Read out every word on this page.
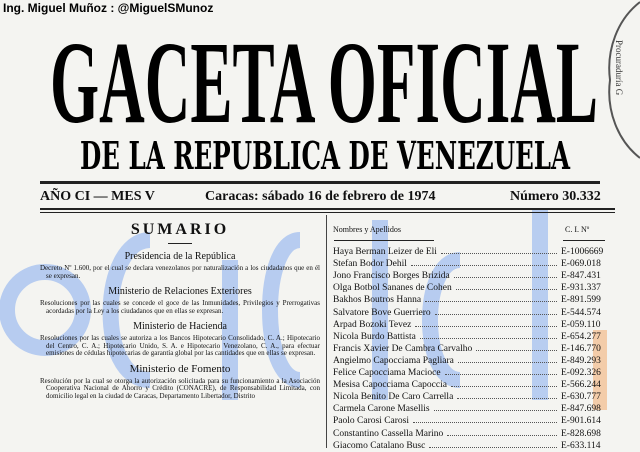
Ing. Miguel Muñoz : @MiguelSMunoz
Procuraduría G
GACETA OFICIAL
DE LA REPUBLICA DE VENEZUELA
AÑO CI — MES V	Caracas: sábado 16 de febrero de 1974	Número 30.332
SUMARIO
Presidencia de la República
Decreto Nº 1.600, por el cual se declara venezolanos por naturalización a los ciudadanos que en él se expresan.
Ministerio de Relaciones Exteriores
Resoluciones por las cuales se concede el goce de las Inmunidades, Privilegios y Prerrogativas acordadas por la Ley a los ciudadanos que en ellas se expresan.
Ministerio de Hacienda
Resoluciones por las cuales se autoriza a los Bancos Hipotecario Consolidado, C. A.; Hipotecario del Centro, C. A.; Hipotecario Unido, S. A. e Hipotecario Venezolano, C. A., para efectuar emisiones de cédulas hipotecarias de garantía global por las cantidades que en ellas se expresan.
Ministerio de Fomento
Resolución por la cual se otorga la autorización solicitada para su funcionamiento a la Asociación Cooperativa Nacional de Ahorro y Crédito (CONACRE), de Responsabilidad Limitada, con domicilio legal en la ciudad de Caracas, Departamento Libertador, Distrito
Nombres y Apellidos	C. I. Nº
Haya Berman Leizer de Eli	E-1006669
Stefan Bodor Dehil	E-069.018
Jono Francisco Borges Brizida	E-847.431
Olga Botbol Sananes de Cohen	E-931.337
Bakhos Boutros Hanna	E-891.599
Salvatore Bove Guerriero	E-544.574
Arpad Bozoki Tevez	E-059.110
Nicola Burdo Battista	E-654.277
Francis Xavier De Cambra Carvalho	E-146.770
Angielmo Capocciama Pagliara	E-849.293
Felice Capocciama Macioce	E-092.326
Mesisa Capocciama Capoccia	E-566.244
Nicola Benito De Caro Carrella	E-630.777
Carmela Carone Masellis	E-847.698
Paolo Carosi Carosi	E-901.614
Constantino Cassella Marino	E-828.698
Giacomo Catalano Busc	E-633.114
